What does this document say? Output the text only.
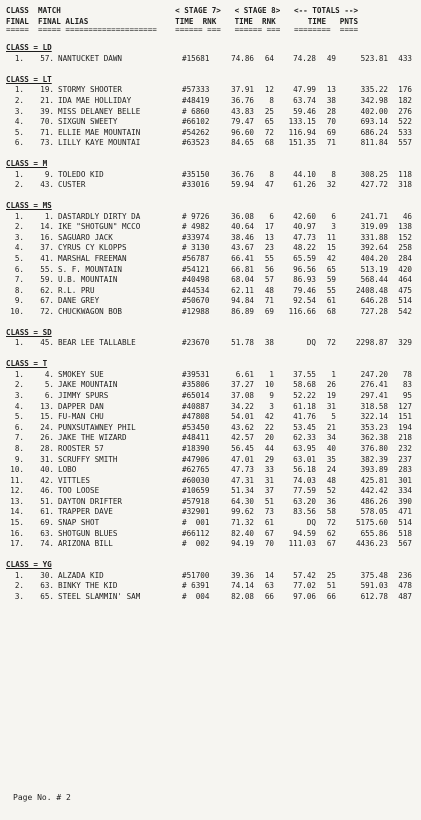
CLASS  MATCH                         < STAGE 7>   < STAGE 8>   <-- TOTALS -->
FINAL  FINAL ALIAS                   TIME  RNK    TIME  RNK       TIME   PNTS
=====  ===== ====================    ====== ===   ====== ===   ========  ====
CLASS = LD
1. 57. NANTUCKET DAWN	#15681	74.86 64	74.28 49	523.81 433
CLASS = LT
1. 19. STORMY SHOOTER	#57333	37.91 12	47.99 13	335.22 176
2. 21. IDA MAE HOLLIDAY	#48419	36.76 8	63.74 38	342.98 182
3. 39. MISS DELANEY BELLE	# 6860	43.83 25	59.46 28	402.00 276
4. 70. SIXGUN SWEETY	#66102	79.47 65 133.15 70	693.14 522
5. 71. ELLIE MAE MOUNTAIN	#54262	96.60 72 116.94 69	686.24 533
6. 73. LILLY KAYE MOUNTAI	#63523	84.65 68 151.35 71	811.84 557
CLASS = M
1.	9. TOLEDO KID	#35150	36.76 8	44.10 8	308.25 118
2. 43. CUSTER	#33016	59.94 47	61.26 32	427.72 318
CLASS = MS
1.	1. DASTARDLY DIRTY DA	# 9726	36.08 6	42.60 6	241.71 46
2. 14. IKE "SHOTGUN" MCCO	# 4982	40.64 17	40.97 3	319.09 138
3. 16. SAGUARO JACK	#33974	38.46 13	47.73 11	331.88 152
4. 37. CYRUS CY KLOPPS	# 3130	43.67 23	48.22 15	392.64 258
5. 41. MARSHAL FREEMAN	#56787	66.41 55	65.59 42	404.20 284
6. 55. S. F. MOUNTAIN	#54121	66.81 56	96.56 65	513.19 420
7. 59. U.B. MOUNTAIN	#40498	68.04 57	86.93 59	568.44 464
8. 62. R.L. PRU	#44534	62.11 48	79.46 55	2408.48 475
9. 67. DANE GREY	#50670	94.84 71	92.54 61	646.28 514
10. 72. CHUCKWAGON BOB	#12988	86.89 69 116.66 68	727.28 542
CLASS = SD
1. 45. BEAR LEE TALLABLE	#23670	51.78 38	DQ 72	2298.87 329
CLASS = T
1.	4. SMOKEY SUE	#39531	6.61 1	37.55 1	247.20 78
2.	5. JAKE MOUNTAIN	#35806	37.27 10	58.68 26	276.41 83
3.	6. JIMMY SPURS	#65014	37.08 9	52.22 19	297.41 95
4. 13. DAPPER DAN	#40887	34.22 3	61.18 31	318.58 127
5. 15. FU-MAN CHU	#47808	54.01 42	41.76 5	322.14 151
6. 24. PUNXSUTAWNEY PHIL	#53450	43.62 22	53.45 21	353.23 194
7. 26. JAKE THE WIZARD	#48411	42.57 20	62.33 34	362.38 218
8. 28. ROOSTER 57	#18390	56.45 44	63.95 40	376.80 232
9. 31. SCRUFFY SMITH	#47906	47.01 29	63.01 35	382.39 237
10. 40. LOBO	#62765	47.73 33	56.18 24	393.89 283
11. 42. VITTLES	#60030	47.31 31	74.03 48	425.81 301
12. 46. TOO LOOSE	#10659	51.34 37	77.59 52	442.42 334
13. 51. DAYTON DRIFTER	#57918	64.30 51	63.20 36	486.26 390
14. 61. TRAPPER DAVE	#32901	99.62 73	83.56 58	578.05 471
15. 69. SNAP SHOT	#  001	71.32 61	DQ 72	5175.60 514
16. 63. SHOTGUN BLUES	#66112	82.40 67	94.59 62	655.86 518
17. 74. ARIZONA BILL	#  002	94.19 70 111.03 67	4436.23 567
CLASS = YG
1. 30. ALZADA KID	#51700	39.36 14	57.42 25	375.48 236
2. 63. BINKY THE KID	# 6391	74.14 63	77.02 51	591.03 478
3. 65. STEEL SLAMMIN' SAM	#  004	82.08 66	97.06 66	612.78 487
Page No. # 2
